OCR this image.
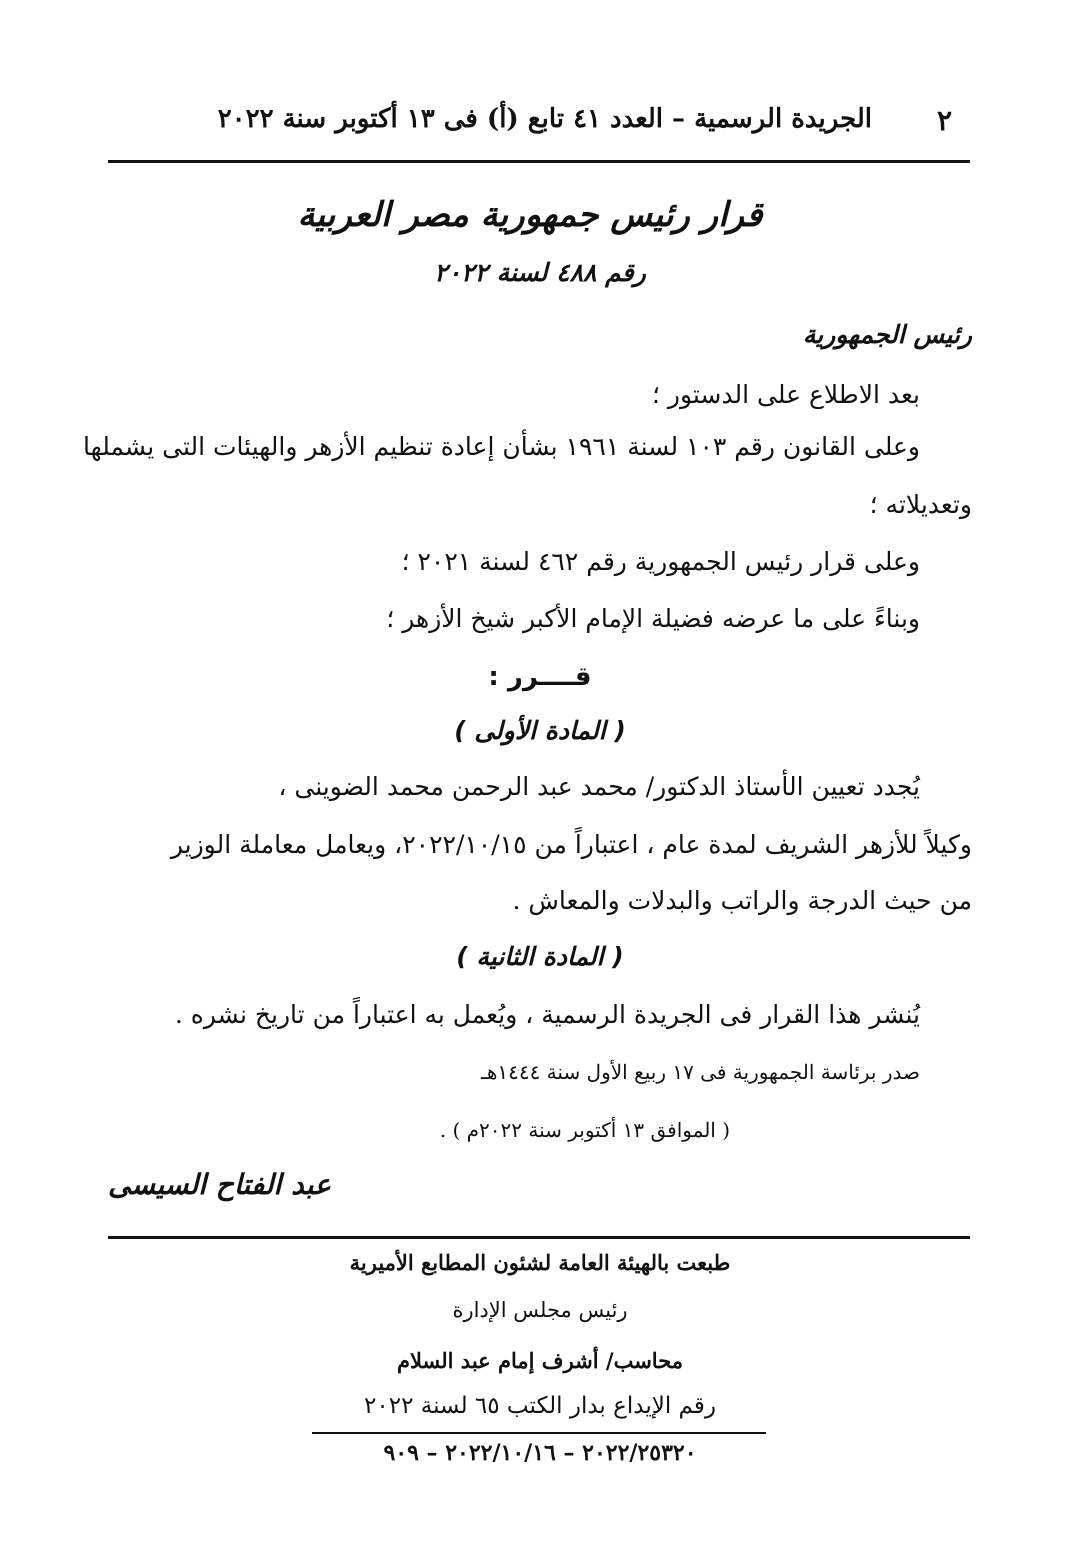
٢
الجريدة الرسمية – العدد ٤١ تابع (أ) فى ١٣ أكتوبر سنة ٢٠٢٢
قرار رئيس جمهورية مصر العربية
رقم ٤٨٨ لسنة ٢٠٢٢
رئيس الجمهورية
بعد الاطلاع على الدستور ؛
وعلى القانون رقم ١٠٣ لسنة ١٩٦١ بشأن إعادة تنظيم الأزهر والهيئات التى يشملها
وتعديلاته ؛
وعلى قرار رئيس الجمهورية رقم ٤٦٢ لسنة ٢٠٢١ ؛
وبناءً على ما عرضه فضيلة الإمام الأكبر شيخ الأزهر ؛
قــــرر :
( المادة الأولى )
يُجدد تعيين الأستاذ الدكتور/ محمد عبد الرحمن محمد الضوينى ،
وكيلاً للأزهر الشريف لمدة عام ، اعتباراً من ٢٠٢٢/١٠/١٥، ويعامل معاملة الوزير
من حيث الدرجة والراتب والبدلات والمعاش .
( المادة الثانية )
يُنشر هذا القرار فى الجريدة الرسمية ، ويُعمل به اعتباراً من تاريخ نشره .
صدر برئاسة الجمهورية فى ١٧ ربيع الأول سنة ١٤٤٤هـ
( الموافق ١٣ أكتوبر سنة ٢٠٢٢م ) .
عبد الفتاح السيسى
طبعت بالهيئة العامة لشئون المطابع الأميرية
رئيس مجلس الإدارة
محاسب/ أشرف إمام عبد السلام
رقم الإيداع بدار الكتب ٦٥ لسنة ٢٠٢٢
٢٠٢٢/٢٥٣٢٠ – ٢٠٢٢/١٠/١٦ – ٩٠٩
